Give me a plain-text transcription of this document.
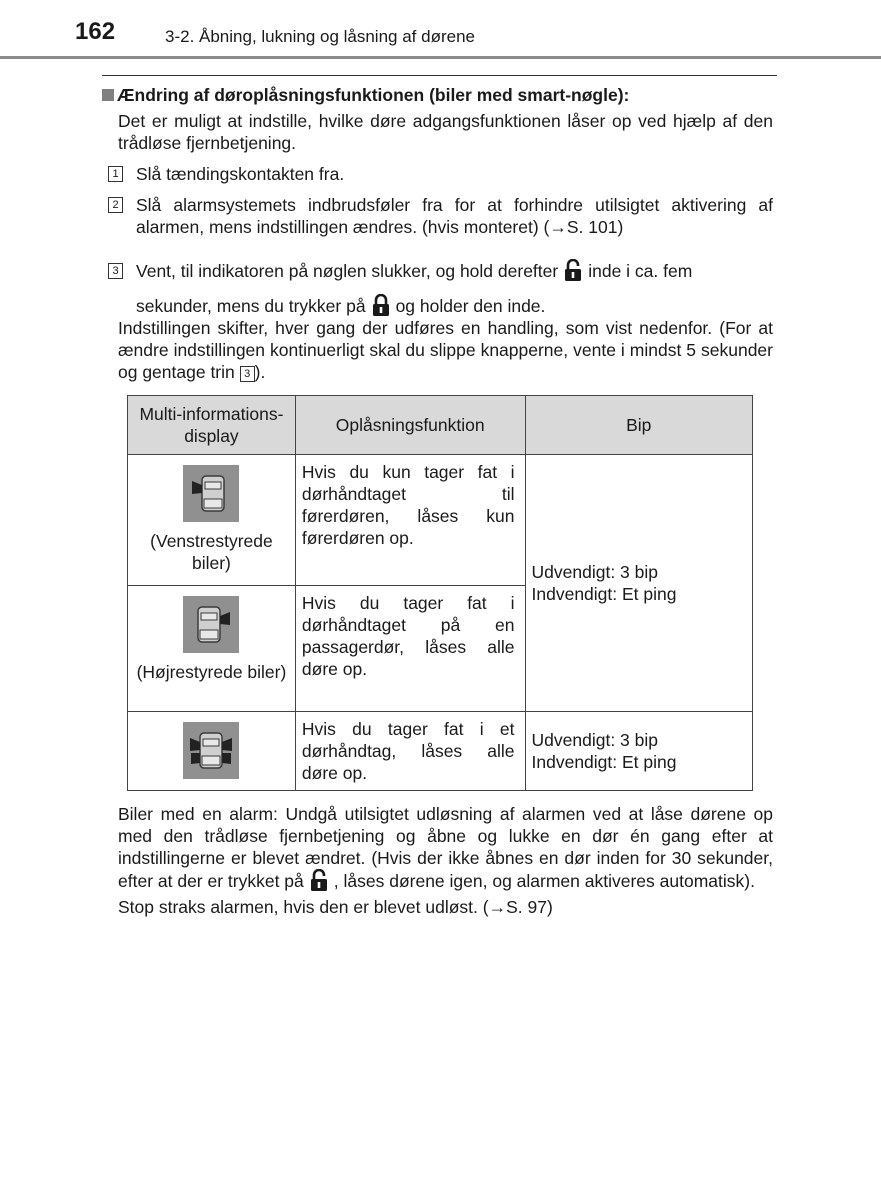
162	3-2. Åbning, lukning og låsning af dørene
Ændring af døroplåsningsfunktionen (biler med smart-nøgle):
Det er muligt at indstille, hvilke døre adgangsfunktionen låser op ved hjælp af den trådløse fjernbetjening.
1 Slå tændingskontakten fra.
2 Slå alarmsystemets indbrudsføler fra for at forhindre utilsigtet aktivering af alarmen, mens indstillingen ændres. (hvis monteret) (→S. 101)
3 Vent, til indikatoren på nøglen slukker, og hold derefter inde i ca. fem sekunder, mens du trykker på og holder den inde.
Indstillingen skifter, hver gang der udføres en handling, som vist nedenfor. (For at ændre indstillingen kontinuerligt skal du slippe knapperne, vente i mindst 5 sekunder og gentage trin 3 ).
Multi-informations-display	Oplåsningsfunktion	Bip

(Venstrestyrede biler)	Hvis du kun tager fat i dørhåndtaget til førerdøren, låses kun førerdøren op.	Udvendigt: 3 bip
Indvendigt: Et ping

(Højrestyrede biler)	Hvis du tager fat i dørhåndtaget på en passagerdør, låses alle døre op.	

	Hvis du tager fat i et dørhåndtag, låses alle døre op.	Udvendigt: 3 bip
Indvendigt: Et ping
Biler med en alarm: Undgå utilsigtet udløsning af alarmen ved at låse dørene op med den trådløse fjernbetjening og åbne og lukke en dør én gang efter at indstillingerne er blevet ændret. (Hvis der ikke åbnes en dør inden for 30 sekunder, efter at der er trykket på , låses dørene igen, og alarmen aktiveres automatisk).
Stop straks alarmen, hvis den er blevet udløst. (→S. 97)
